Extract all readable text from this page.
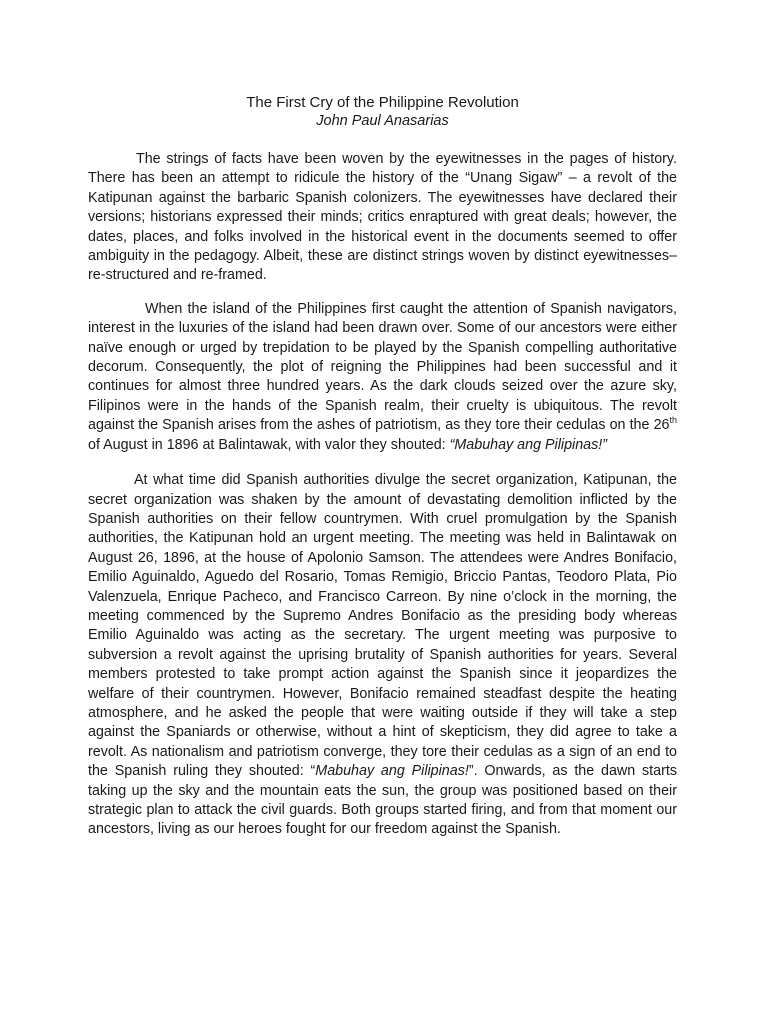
The First Cry of the Philippine Revolution

John Paul Anasarias

The strings of facts have been woven by the eyewitnesses in the pages of history. There has been an attempt to ridicule the history of the “Unang Sigaw” – a revolt of the Katipunan against the barbaric Spanish colonizers. The eyewitnesses have declared their versions; historians expressed their minds; critics enraptured with great deals; however, the dates, places, and folks involved in the historical event in the documents seemed to offer ambiguity in the pedagogy. Albeit, these are distinct strings woven by distinct eyewitnesses– re-structured and re-framed.

When the island of the Philippines first caught the attention of Spanish navigators, interest in the luxuries of the island had been drawn over. Some of our ancestors were either naïve enough or urged by trepidation to be played by the Spanish compelling authoritative decorum. Consequently, the plot of reigning the Philippines had been successful and it continues for almost three hundred years. As the dark clouds seized over the azure sky, Filipinos were in the hands of the Spanish realm, their cruelty is ubiquitous. The revolt against the Spanish arises from the ashes of patriotism, as they tore their cedulas on the 26th of August in 1896 at Balintawak, with valor they shouted: “Mabuhay ang Pilipinas!”

At what time did Spanish authorities divulge the secret organization, Katipunan, the secret organization was shaken by the amount of devastating demolition inflicted by the Spanish authorities on their fellow countrymen. With cruel promulgation by the Spanish authorities, the Katipunan hold an urgent meeting. The meeting was held in Balintawak on August 26, 1896, at the house of Apolonio Samson. The attendees were Andres Bonifacio, Emilio Aguinaldo, Aguedo del Rosario, Tomas Remigio, Briccio Pantas, Teodoro Plata, Pio Valenzuela, Enrique Pacheco, and Francisco Carreon. By nine o’clock in the morning, the meeting commenced by the Supremo Andres Bonifacio as the presiding body whereas Emilio Aguinaldo was acting as the secretary. The urgent meeting was purposive to subversion a revolt against the uprising brutality of Spanish authorities for years. Several members protested to take prompt action against the Spanish since it jeopardizes the welfare of their countrymen. However, Bonifacio remained steadfast despite the heating atmosphere, and he asked the people that were waiting outside if they will take a step against the Spaniards or otherwise, without a hint of skepticism, they did agree to take a revolt. As nationalism and patriotism converge, they tore their cedulas as a sign of an end to the Spanish ruling they shouted: “Mabuhay ang Pilipinas!”. Onwards, as the dawn starts taking up the sky and the mountain eats the sun, the group was positioned based on their strategic plan to attack the civil guards. Both groups started firing, and from that moment our ancestors, living as our heroes fought for our freedom against the Spanish.
